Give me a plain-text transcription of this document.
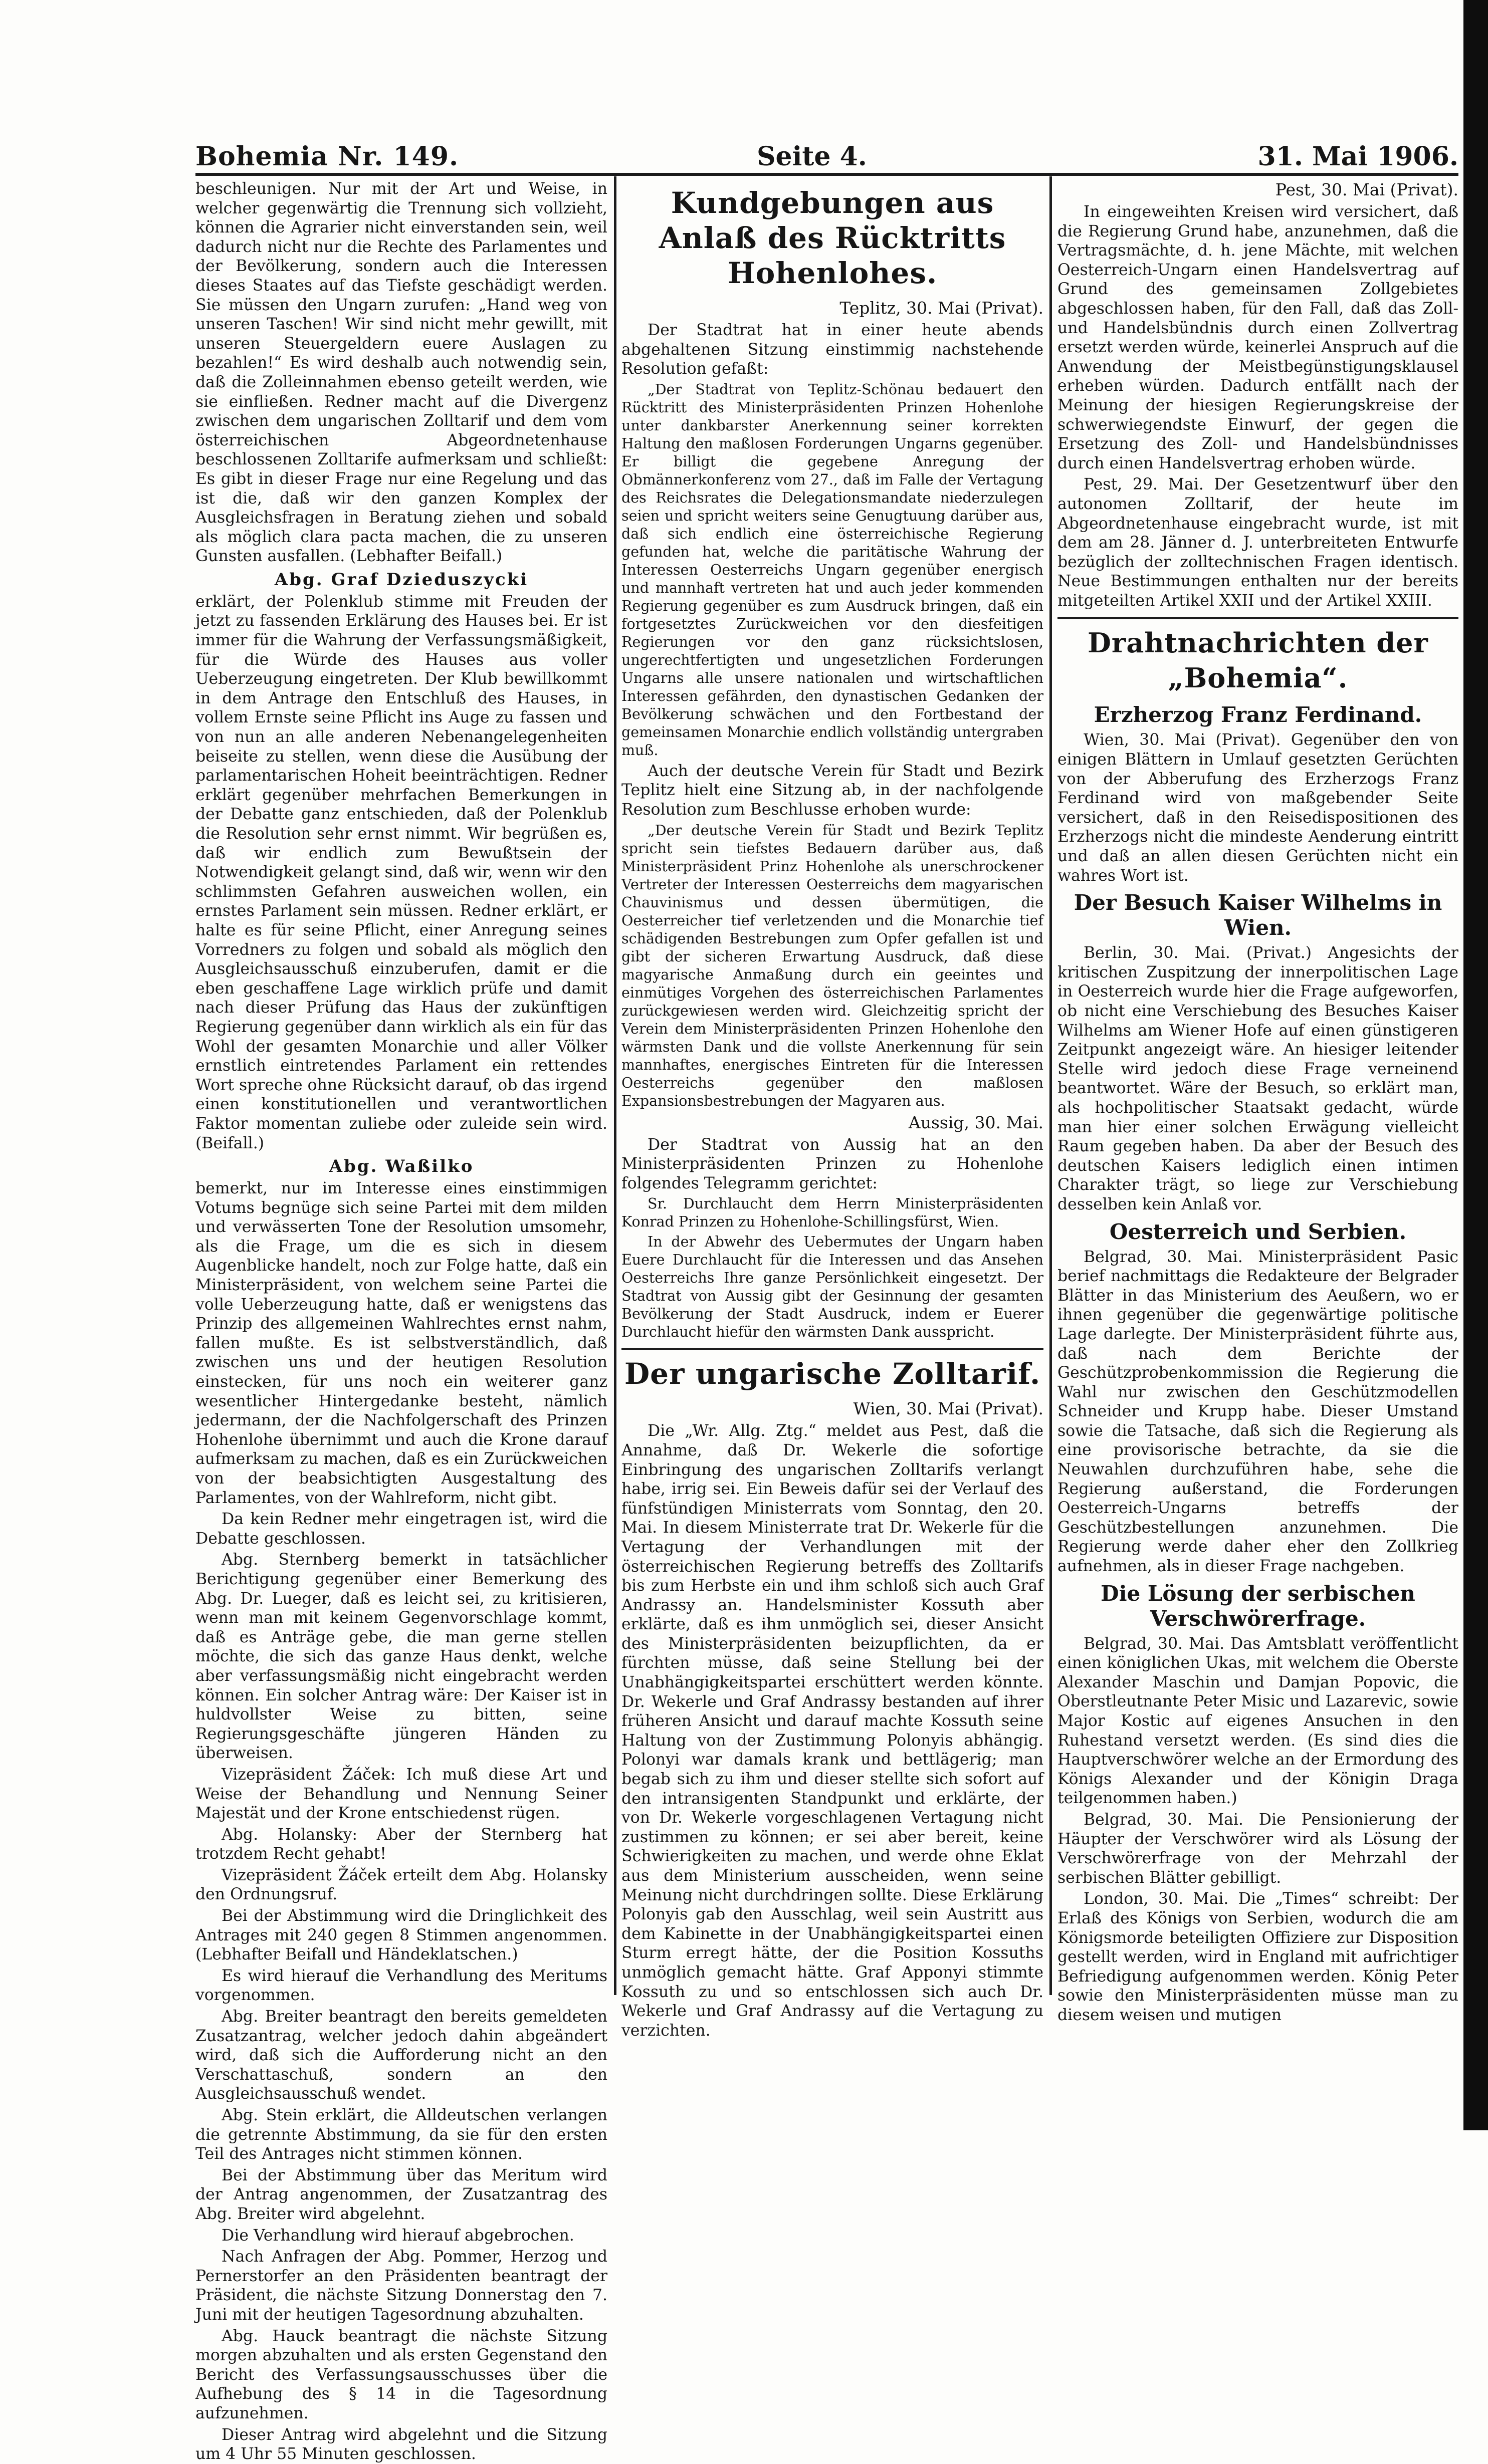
Bohemia Nr. 149.	Seite 4.	31. Mai 1906.

beschleunigen. Nur mit der Art und Weise, in welcher gegenwärtig die Trennung sich vollzieht, können die Agrarier nicht einverstanden sein, weil dadurch nicht nur die Rechte des Parlamentes und der Bevölkerung, sondern auch die Interessen dieses Staates auf das Tiefste geschädigt werden. Sie müssen den Ungarn zurufen: „Hand weg von unseren Taschen! Wir sind nicht mehr gewillt, mit unseren Steuergeldern euere Auslagen zu bezahlen!“ Es wird deshalb auch notwendig sein, daß die Zolleinnahmen ebenso geteilt werden, wie sie einfließen. Redner macht auf die Divergenz zwischen dem ungarischen Zolltarif und dem vom österreichischen Abgeordnetenhause beschlossenen Zolltarife aufmerksam und schließt: Es gibt in dieser Frage nur eine Regelung und das ist die, daß wir den ganzen Komplex der Ausgleichsfragen in Beratung ziehen und sobald als möglich clara pacta machen, die zu unseren Gunsten ausfallen. (Lebhafter Beifall.)

Abg. Graf Dzieduszycki

erklärt, der Polenklub stimme mit Freuden der jetzt zu fassenden Erklärung des Hauses bei. Er ist immer für die Wahrung der Verfassungsmäßigkeit, für die Würde des Hauses aus voller Ueberzeugung eingetreten. Der Klub bewillkommt in dem Antrage den Entschluß des Hauses, in vollem Ernste seine Pflicht ins Auge zu fassen und von nun an alle anderen Nebenangelegenheiten beiseite zu stellen, wenn diese die Ausübung der parlamentarischen Hoheit beeinträchtigen. Redner erklärt gegenüber mehrfachen Bemerkungen in der Debatte ganz entschieden, daß der Polenklub die Resolution sehr ernst nimmt. Wir begrüßen es, daß wir endlich zum Bewußtsein der Notwendigkeit gelangt sind, daß wir, wenn wir den schlimmsten Gefahren ausweichen wollen, ein ernstes Parlament sein müssen. Redner erklärt, er halte es für seine Pflicht, einer Anregung seines Vorredners zu folgen und sobald als möglich den Ausgleichsausschuß einzuberufen, damit er die eben geschaffene Lage wirklich prüfe und damit nach dieser Prüfung das Haus der zukünftigen Regierung gegenüber dann wirklich als ein für das Wohl der gesamten Monarchie und aller Völker ernstlich eintretendes Parlament ein rettendes Wort spreche ohne Rücksicht darauf, ob das irgend einen konstitutionellen und verantwortlichen Faktor momentan zuliebe oder zuleide sein wird. (Beifall.)

Abg. Waßilko

bemerkt, nur im Interesse eines einstimmigen Votums begnüge sich seine Partei mit dem milden und verwässerten Tone der Resolution umsomehr, als die Frage, um die es sich in diesem Augenblicke handelt, noch zur Folge hatte, daß ein Ministerpräsident, von welchem seine Partei die volle Ueberzeugung hatte, daß er wenigstens das Prinzip des allgemeinen Wahlrechtes ernst nahm, fallen mußte. Es ist selbstverständlich, daß zwischen uns und der heutigen Resolution einstecken, für uns noch ein weiterer ganz wesentlicher Hintergedanke besteht, nämlich jedermann, der die Nachfolgerschaft des Prinzen Hohenlohe übernimmt und auch die Krone darauf aufmerksam zu machen, daß es ein Zurückweichen von der beabsichtigten Ausgestaltung des Parlamentes, von der Wahlreform, nicht gibt.

Da kein Redner mehr eingetragen ist, wird die Debatte geschlossen.

Abg. Sternberg bemerkt in tatsächlicher Berichtigung gegenüber einer Bemerkung des Abg. Dr. Lueger, daß es leicht sei, zu kritisieren, wenn man mit keinem Gegenvorschlage kommt, daß es Anträge gebe, die man gerne stellen möchte, die sich das ganze Haus denkt, welche aber verfassungsmäßig nicht eingebracht werden können. Ein solcher Antrag wäre: Der Kaiser ist in huldvollster Weise zu bitten, seine Regierungsgeschäfte jüngeren Händen zu überweisen.

Vizepräsident Žáček: Ich muß diese Art und Weise der Behandlung und Nennung Seiner Majestät und der Krone entschiedenst rügen.

Abg. Holansky: Aber der Sternberg hat trotzdem Recht gehabt!

Vizepräsident Žáček erteilt dem Abg. Holansky den Ordnungsruf.

Bei der Abstimmung wird die Dringlichkeit des Antrages mit 240 gegen 8 Stimmen angenommen. (Lebhafter Beifall und Händeklatschen.)

Es wird hierauf die Verhandlung des Meritums vorgenommen.

Abg. Breiter beantragt den bereits gemeldeten Zusatzantrag, welcher jedoch dahin abgeändert wird, daß sich die Aufforderung nicht an den Verschattaschuß, sondern an den Ausgleichsausschuß wendet.

Abg. Stein erklärt, die Alldeutschen verlangen die getrennte Abstimmung, da sie für den ersten Teil des Antrages nicht stimmen können.

Bei der Abstimmung über das Meritum wird der Antrag angenommen, der Zusatzantrag des Abg. Breiter wird abgelehnt.

Die Verhandlung wird hierauf abgebrochen.

Nach Anfragen der Abg. Pommer, Herzog und Pernerstorfer an den Präsidenten beantragt der Präsident, die nächste Sitzung Donnerstag den 7. Juni mit der heutigen Tagesordnung abzuhalten.

Abg. Hauck beantragt die nächste Sitzung morgen abzuhalten und als ersten Gegenstand den Bericht des Verfassungsausschusses über die Aufhebung des § 14 in die Tagesordnung aufzunehmen.

Dieser Antrag wird abgelehnt und die Sitzung um 4 Uhr 55 Minuten geschlossen.

Kundgebungen aus Anlaß des Rücktritts Hohenlohes.
Teplitz, 30. Mai (Privat).

Der Stadtrat hat in einer heute abends abgehaltenen Sitzung einstimmig nachstehende Resolution gefaßt:

„Der Stadtrat von Teplitz-Schönau bedauert den Rücktritt des Ministerpräsidenten Prinzen Hohenlohe unter dankbarster Anerkennung seiner korrekten Haltung den maßlosen Forderungen Ungarns gegenüber. Er billigt die gegebene Anregung der Obmännerkonferenz vom 27., daß im Falle der Vertagung des Reichsrates die Delegationsmandate niederzulegen seien und spricht weiters seine Genugtuung darüber aus, daß sich endlich eine österreichische Regierung gefunden hat, welche die paritätische Wahrung der Interessen Oesterreichs Ungarn gegenüber energisch und mannhaft vertreten hat und auch jeder kommenden Regierung gegenüber es zum Ausdruck bringen, daß ein fortgesetztes Zurückweichen vor den diesfeitigen Regierungen vor den ganz rücksichtslosen, ungerechtfertigten und ungesetzlichen Forderungen Ungarns alle unsere nationalen und wirtschaftlichen Interessen gefährden, den dynastischen Gedanken der Bevölkerung schwächen und den Fortbestand der gemeinsamen Monarchie endlich vollständig untergraben muß.

Auch der deutsche Verein für Stadt und Bezirk Teplitz hielt eine Sitzung ab, in der nachfolgende Resolution zum Beschlusse erhoben wurde:

„Der deutsche Verein für Stadt und Bezirk Teplitz spricht sein tiefstes Bedauern darüber aus, daß Ministerpräsident Prinz Hohenlohe als unerschrockener Vertreter der Interessen Oesterreichs dem magyarischen Chauvinismus und dessen übermütigen, die Oesterreicher tief verletzenden und die Monarchie tief schädigenden Bestrebungen zum Opfer gefallen ist und gibt der sicheren Erwartung Ausdruck, daß diese magyarische Anmaßung durch ein geeintes und einmütiges Vorgehen des österreichischen Parlamentes zurückgewiesen werden wird. Gleichzeitig spricht der Verein dem Ministerpräsidenten Prinzen Hohenlohe den wärmsten Dank und die vollste Anerkennung für sein mannhaftes, energisches Eintreten für die Interessen Oesterreichs gegenüber den maßlosen Expansionsbestrebungen der Magyaren aus.

Aussig, 30. Mai.

Der Stadtrat von Aussig hat an den Ministerpräsidenten Prinzen zu Hohenlohe folgendes Telegramm gerichtet:

Sr. Durchlaucht dem Herrn Ministerpräsidenten Konrad Prinzen zu Hohenlohe-Schillingsfürst, Wien.

In der Abwehr des Uebermutes der Ungarn haben Euere Durchlaucht für die Interessen und das Ansehen Oesterreichs Ihre ganze Persönlichkeit eingesetzt. Der Stadtrat von Aussig gibt der Gesinnung der gesamten Bevölkerung der Stadt Ausdruck, indem er Euerer Durchlaucht hiefür den wärmsten Dank ausspricht.

Der ungarische Zolltarif.
Wien, 30. Mai (Privat).

Die „Wr. Allg. Ztg.“ meldet aus Pest, daß die Annahme, daß Dr. Wekerle die sofortige Einbringung des ungarischen Zolltarifs verlangt habe, irrig sei. Ein Beweis dafür sei der Verlauf des fünfstündigen Ministerrats vom Sonntag, den 20. Mai. In diesem Ministerrate trat Dr. Wekerle für die Vertagung der Verhandlungen mit der österreichischen Regierung betreffs des Zolltarifs bis zum Herbste ein und ihm schloß sich auch Graf Andrassy an. Handelsminister Kossuth aber erklärte, daß es ihm unmöglich sei, dieser Ansicht des Ministerpräsidenten beizupflichten, da er fürchten müsse, daß seine Stellung bei der Unabhängigkeitspartei erschüttert werden könnte. Dr. Wekerle und Graf Andrassy bestanden auf ihrer früheren Ansicht und darauf machte Kossuth seine Haltung von der Zustimmung Polonyis abhängig. Polonyi war damals krank und bettlägerig; man begab sich zu ihm und dieser stellte sich sofort auf den intransigenten Standpunkt und erklärte, der von Dr. Wekerle vorgeschlagenen Vertagung nicht zustimmen zu können; er sei aber bereit, keine Schwierigkeiten zu machen, und werde ohne Eklat aus dem Ministerium ausscheiden, wenn seine Meinung nicht durchdringen sollte. Diese Erklärung Polonyis gab den Ausschlag, weil sein Austritt aus dem Kabinette in der Unabhängigkeitspartei einen Sturm erregt hätte, der die Position Kossuths unmöglich gemacht hätte. Graf Apponyi stimmte Kossuth zu und so entschlossen sich auch Dr. Wekerle und Graf Andrassy auf die Vertagung zu verzichten.

Pest, 30. Mai (Privat).

In eingeweihten Kreisen wird versichert, daß die Regierung Grund habe, anzunehmen, daß die Vertragsmächte, d. h. jene Mächte, mit welchen Oesterreich-Ungarn einen Handelsvertrag auf Grund des gemeinsamen Zollgebietes abgeschlossen haben, für den Fall, daß das Zoll- und Handelsbündnis durch einen Zollvertrag ersetzt werden würde, keinerlei Anspruch auf die Anwendung der Meistbegünstigungsklausel erheben würden. Dadurch entfällt nach der Meinung der hiesigen Regierungskreise der schwerwiegendste Einwurf, der gegen die Ersetzung des Zoll- und Handelsbündnisses durch einen Handelsvertrag erhoben würde.

Pest, 29. Mai. Der Gesetzentwurf über den autonomen Zolltarif, der heute im Abgeordnetenhause eingebracht wurde, ist mit dem am 28. Jänner d. J. unterbreiteten Entwurfe bezüglich der zolltechnischen Fragen identisch. Neue Bestimmungen enthalten nur der bereits mitgeteilten Artikel XXII und der Artikel XXIII.

Drahtnachrichten der „Bohemia“.
Erzherzog Franz Ferdinand.

Wien, 30. Mai (Privat). Gegenüber den von einigen Blättern in Umlauf gesetzten Gerüchten von der Abberufung des Erzherzogs Franz Ferdinand wird von maßgebender Seite versichert, daß in den Reisedispositionen des Erzherzogs nicht die mindeste Aenderung eintritt und daß an allen diesen Gerüchten nicht ein wahres Wort ist.

Der Besuch Kaiser Wilhelms in Wien.

Berlin, 30. Mai. (Privat.) Angesichts der kritischen Zuspitzung der innerpolitischen Lage in Oesterreich wurde hier die Frage aufgeworfen, ob nicht eine Verschiebung des Besuches Kaiser Wilhelms am Wiener Hofe auf einen günstigeren Zeitpunkt angezeigt wäre. An hiesiger leitender Stelle wird jedoch diese Frage verneinend beantwortet. Wäre der Besuch, so erklärt man, als hochpolitischer Staatsakt gedacht, würde man hier einer solchen Erwägung vielleicht Raum gegeben haben. Da aber der Besuch des deutschen Kaisers lediglich einen intimen Charakter trägt, so liege zur Verschiebung desselben kein Anlaß vor.

Oesterreich und Serbien.

Belgrad, 30. Mai. Ministerpräsident Pasic berief nachmittags die Redakteure der Belgrader Blätter in das Ministerium des Aeußern, wo er ihnen gegenüber die gegenwärtige politische Lage darlegte. Der Ministerpräsident führte aus, daß nach dem Berichte der Geschützprobenkommission die Regierung die Wahl nur zwischen den Geschützmodellen Schneider und Krupp habe. Dieser Umstand sowie die Tatsache, daß sich die Regierung als eine provisorische betrachte, da sie die Neuwahlen durchzuführen habe, sehe die Regierung außerstand, die Forderungen Oesterreich-Ungarns betreffs der Geschützbestellungen anzunehmen. Die Regierung werde daher eher den Zollkrieg aufnehmen, als in dieser Frage nachgeben.

Die Lösung der serbischen Verschwörerfrage.

Belgrad, 30. Mai. Das Amtsblatt veröffentlicht einen königlichen Ukas, mit welchem die Oberste Alexander Maschin und Damjan Popovic, die Oberstleutnante Peter Misic und Lazarevic, sowie Major Kostic auf eigenes Ansuchen in den Ruhestand versetzt werden. (Es sind dies die Hauptverschwörer welche an der Ermordung des Königs Alexander und der Königin Draga teilgenommen haben.)

Belgrad, 30. Mai. Die Pensionierung der Häupter der Verschwörer wird als Lösung der Verschwörerfrage von der Mehrzahl der serbischen Blätter gebilligt.

London, 30. Mai. Die „Times“ schreibt: Der Erlaß des Königs von Serbien, wodurch die am Königsmorde beteiligten Offiziere zur Disposition gestellt werden, wird in England mit aufrichtiger Befriedigung aufgenommen werden. König Peter sowie den Ministerpräsidenten müsse man zu diesem weisen und mutigen
